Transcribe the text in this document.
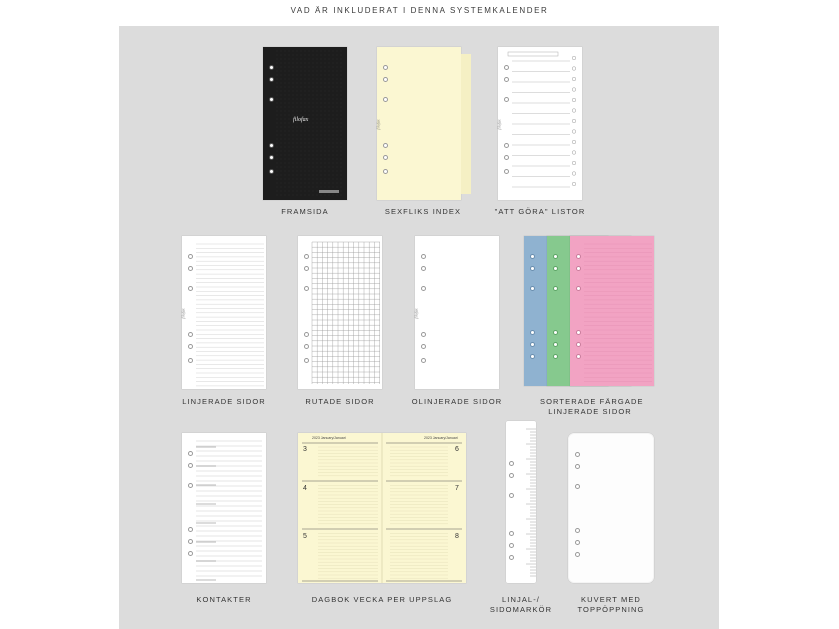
VAD ÄR INKLUDERAT I DENNA SYSTEMKALENDER
filofax
FRAMSIDA
filofax
SEXFLIKS INDEX
filofax
"ATT GÖRA" LISTOR
filofax
LINJERADE SIDOR	RUTADE SIDOR
filofax
OLINJERADE SIDOR	SORTERADE FÄRGADE
LINJERADE SIDOR
KONTAKTER
2023 January/Januari	2023 January/Januari
3
4
5
6
7
8
DAGBOK VECKA PER UPPSLAG	LINJAL-/
SIDOMARKÖR
KUVERT MED
TOPPÖPPNING
